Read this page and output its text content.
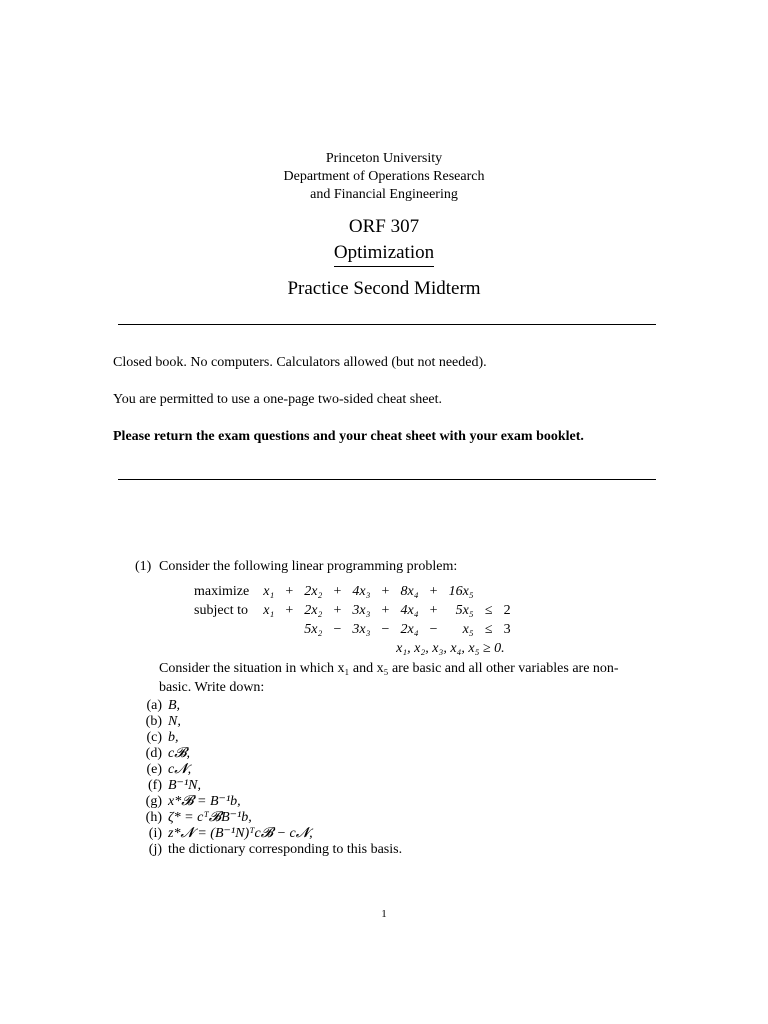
Princeton University
Department of Operations Research
and Financial Engineering
ORF 307
Optimization
Practice Second Midterm
Closed book. No computers. Calculators allowed (but not needed).
You are permitted to use a one-page two-sided cheat sheet.
Please return the exam questions and your cheat sheet with your exam booklet.
(1) Consider the following linear programming problem:
maximize	x₁	+	2x₂	+	4x₃	+	8x₄	+	16x₅		
subject to	x₁	+	2x₂	+	3x₃	+	4x₄	+	5x₅	≤	2
			5x₂	−	3x₃	−	2x₄	−	x₅	≤	3
x₁, x₂, x₃, x₄, x₅ ≥ 0.											
Consider the situation in which x₁ and x₅ are basic and all other variables are non-
basic. Write down:
(a) B,
(b) N,
(c) b,
(d) c𝓑,
(e) c𝓝,
(f) B⁻¹N,
(g) x*𝓑 = B⁻¹b,
(h) ζ* = cᵀ𝓑B⁻¹b,
(i) z*𝓝 = (B⁻¹N)ᵀc𝓑 − c𝓝,
(j) the dictionary corresponding to this basis.
1
